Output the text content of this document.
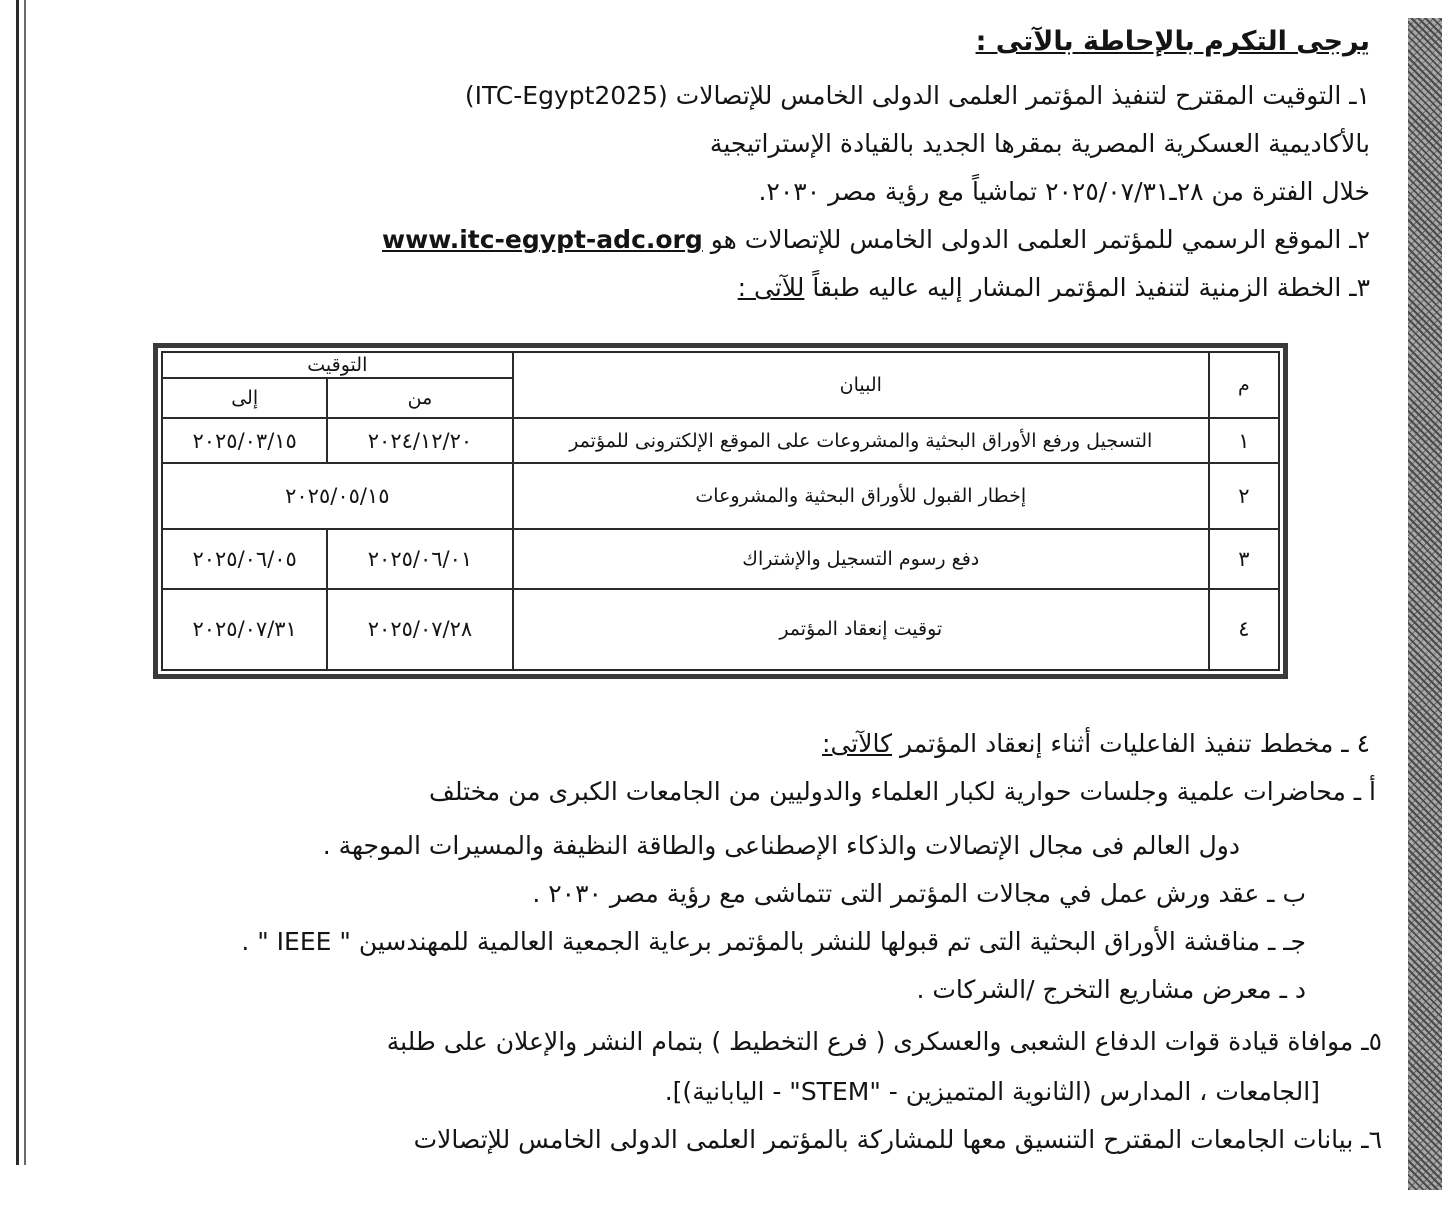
يرجى التكرم بالإحاطة بالآتى :
١ـ التوقيت المقترح لتنفيذ المؤتمر العلمى الدولى الخامس للإتصالات (ITC-Egypt2025)
بالأكاديمية العسكرية المصرية بمقرها الجديد بالقيادة الإستراتيجية
خلال الفترة من ٢٨ـ٢٠٢٥/٠٧/٣١ تماشياً مع رؤية مصر ٢٠٣٠.
٢ـ الموقع الرسمي للمؤتمر العلمى الدولى الخامس للإتصالات هو www.itc-egypt-adc.org
٣ـ الخطة الزمنية لتنفيذ المؤتمر المشار إليه عاليه طبقاً للآتى :
م	البيان	التوقيت	
		من	إلى
١	التسجيل ورفع الأوراق البحثية والمشروعات على الموقع الإلكترونى للمؤتمر	٢٠٢٤/١٢/٢٠	٢٠٢٥/٠٣/١٥
٢	إخطار القبول للأوراق البحثية والمشروعات	٢٠٢٥/٠٥/١٥	
٣	دفع رسوم التسجيل والإشتراك	٢٠٢٥/٠٦/٠١	٢٠٢٥/٠٦/٠٥
٤	توقيت إنعقاد المؤتمر	٢٠٢٥/٠٧/٢٨	٢٠٢٥/٠٧/٣١
٤ ـ مخطط تنفيذ الفاعليات أثناء إنعقاد المؤتمر كالآتى:
أ ـ محاضرات علمية وجلسات حوارية لكبار العلماء والدوليين من الجامعات الكبرى من مختلف
دول العالم فى مجال الإتصالات والذكاء الإصطناعى والطاقة النظيفة والمسيرات الموجهة .
ب ـ عقد ورش عمل في مجالات المؤتمر التى تتماشى مع رؤية مصر ٢٠٣٠ .
جـ ـ مناقشة الأوراق البحثية التى تم قبولها للنشر بالمؤتمر برعاية الجمعية العالمية للمهندسين " IEEE " .
د ـ معرض مشاريع التخرج /الشركات .
٥ـ موافاة قيادة قوات الدفاع الشعبى والعسكرى ( فرع التخطيط ) بتمام النشر والإعلان على طلبة
[الجامعات ، المدارس (الثانوية المتميزين - "STEM" - اليابانية)].
٦ـ بيانات الجامعات المقترح التنسيق معها للمشاركة بالمؤتمر العلمى الدولى الخامس للإتصالات
